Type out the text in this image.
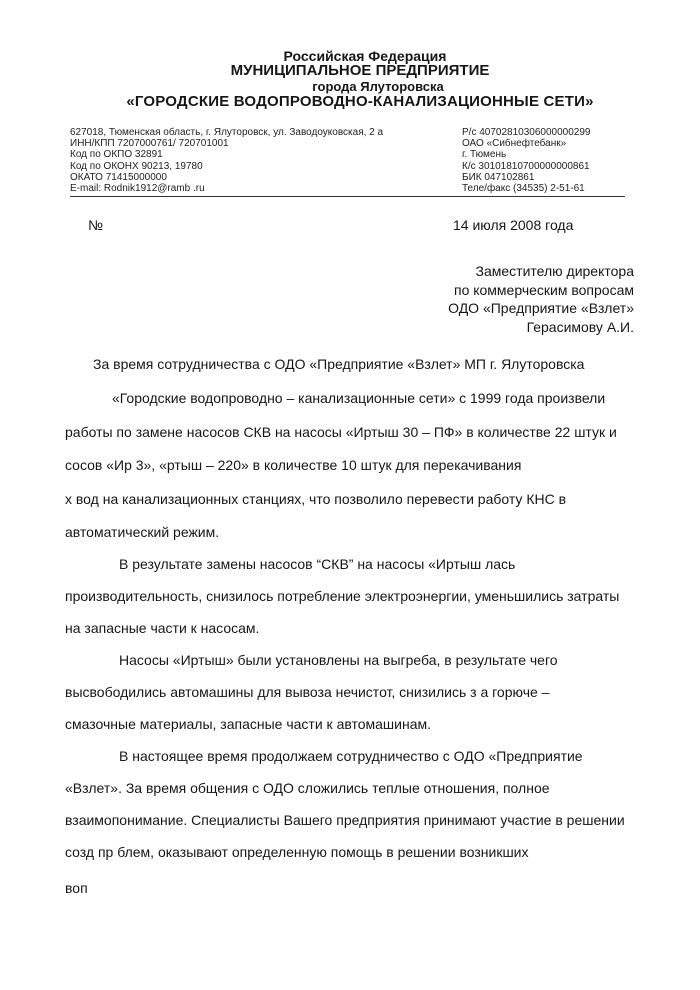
Российская Федерация
МУНИЦИПАЛЬНОЕ ПРЕДПРИЯТИЕ
города Ялуторовска
«ГОРОДСКИЕ ВОДОПРОВОДНО-КАНАЛИЗАЦИОННЫЕ СЕТИ»
627018, Тюменская область, г. Ялуторовск, ул. Заводоуковская, 2 а
ИНН/КПП 7207000761/ 720701001
Код по ОКПО 32891
Код по ОКОНХ 90213, 19780
ОКАТО 71415000000
E-mail: Rodnik1912@ramb .ru
Р/с 40702810306000000299
ОАО «Сибнефтебанк»
г. Тюмень
К/с 30101810700000000861
БИК 047102861
Теле/факс (34535) 2-51-61
№	14 июля 2008 года
Заместителю директора
по коммерческим вопросам
ОДО «Предприятие «Взлет»
Герасимову А.И.
За время сотрудничества с ОДО «Предприятие «Взлет» МП г. Ялуторовска
«Городские водопроводно – канализационные сети» с 1999 года произвели
работы по замене насосов СКВ на насосы «Иртыш 30 – ПФ» в количестве 22 штук и
сосов «Ир 3», «ртыш – 220» в количестве 10 штук для перекачивания
х вод на канализационных станциях, что позволило перевести работу КНС в
автоматический режим.
В результате замены насосов “СКВ” на насосы «Иртыш лась
производительность, снизилось потребление электроэнергии, уменьшились затраты
на запасные части к насосам.
Насосы «Иртыш» были установлены на выгреба, в результате чего
высвободились автомашины для вывоза нечистот, снизились з а горюче –
смазочные материалы, запасные части к автомашинам.
В настоящее время продолжаем сотрудничество с ОДО «Предприятие
«Взлет». За время общения с ОДО сложились теплые отношения, полное
взаимопонимание. Специалисты Вашего предприятия принимают участие в решении
созд пр блем, оказывают определенную помощь в решении возникших
воп
